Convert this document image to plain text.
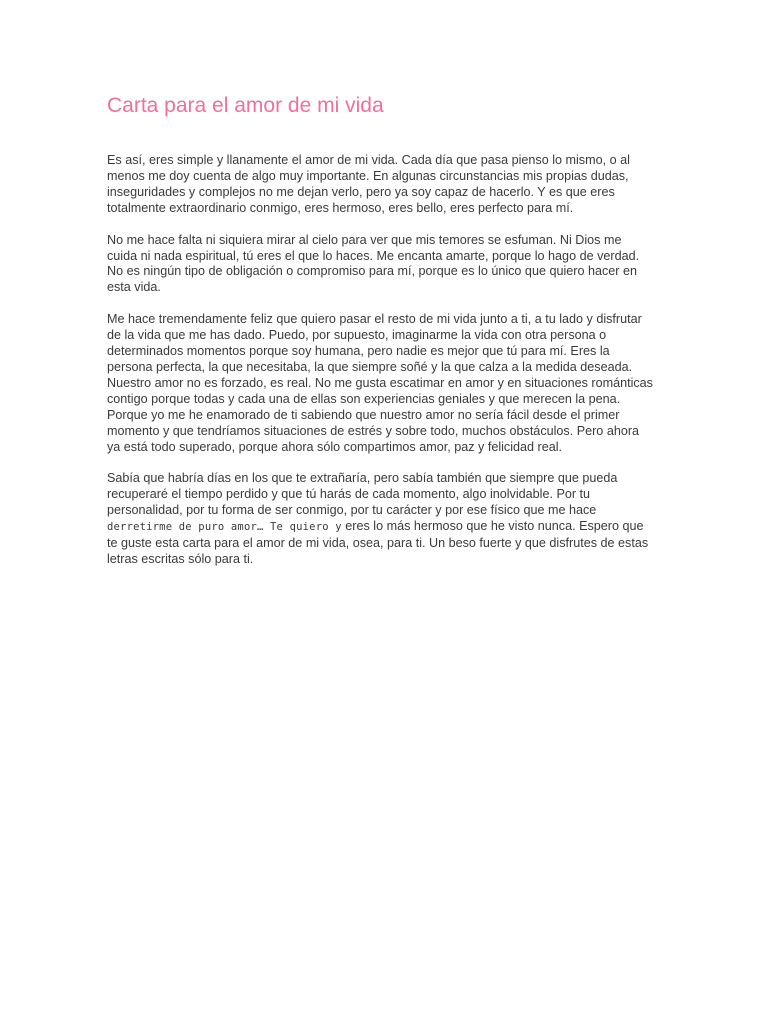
Carta para el amor de mi vida

Es así, eres simple y llanamente el amor de mi vida. Cada día que pasa pienso lo mismo, o al menos me doy cuenta de algo muy importante. En algunas circunstancias mis propias dudas, inseguridades y complejos no me dejan verlo, pero ya soy capaz de hacerlo. Y es que eres totalmente extraordinario conmigo, eres hermoso, eres bello, eres perfecto para mí.

No me hace falta ni siquiera mirar al cielo para ver que mis temores se esfuman. Ni Dios me cuida ni nada espiritual, tú eres el que lo haces. Me encanta amarte, porque lo hago de verdad. No es ningún tipo de obligación o compromiso para mí, porque es lo único que quiero hacer en esta vida.

Me hace tremendamente feliz que quiero pasar el resto de mi vida junto a ti, a tu lado y disfrutar de la vida que me has dado. Puedo, por supuesto, imaginarme la vida con otra persona o determinados momentos porque soy humana, pero nadie es mejor que tú para mí. Eres la persona perfecta, la que necesitaba, la que siempre soñé y la que calza a la medida deseada. Nuestro amor no es forzado, es real. No me gusta escatimar en amor y en situaciones románticas contigo porque todas y cada una de ellas son experiencias geniales y que merecen la pena. Porque yo me he enamorado de ti sabiendo que nuestro amor no sería fácil desde el primer momento y que tendríamos situaciones de estrés y sobre todo, muchos obstáculos. Pero ahora ya está todo superado, porque ahora sólo compartimos amor, paz y felicidad real.

Sabía que habría días en los que te extrañaría, pero sabía también que siempre que pueda recuperaré el tiempo perdido y que tú harás de cada momento, algo inolvidable. Por tu personalidad, por tu forma de ser conmigo, por tu carácter y por ese físico que me hace derretirme de puro amor… Te quiero y eres lo más hermoso que he visto nunca. Espero que te guste esta carta para el amor de mi vida, osea, para ti. Un beso fuerte y que disfrutes de estas letras escritas sólo para ti.
